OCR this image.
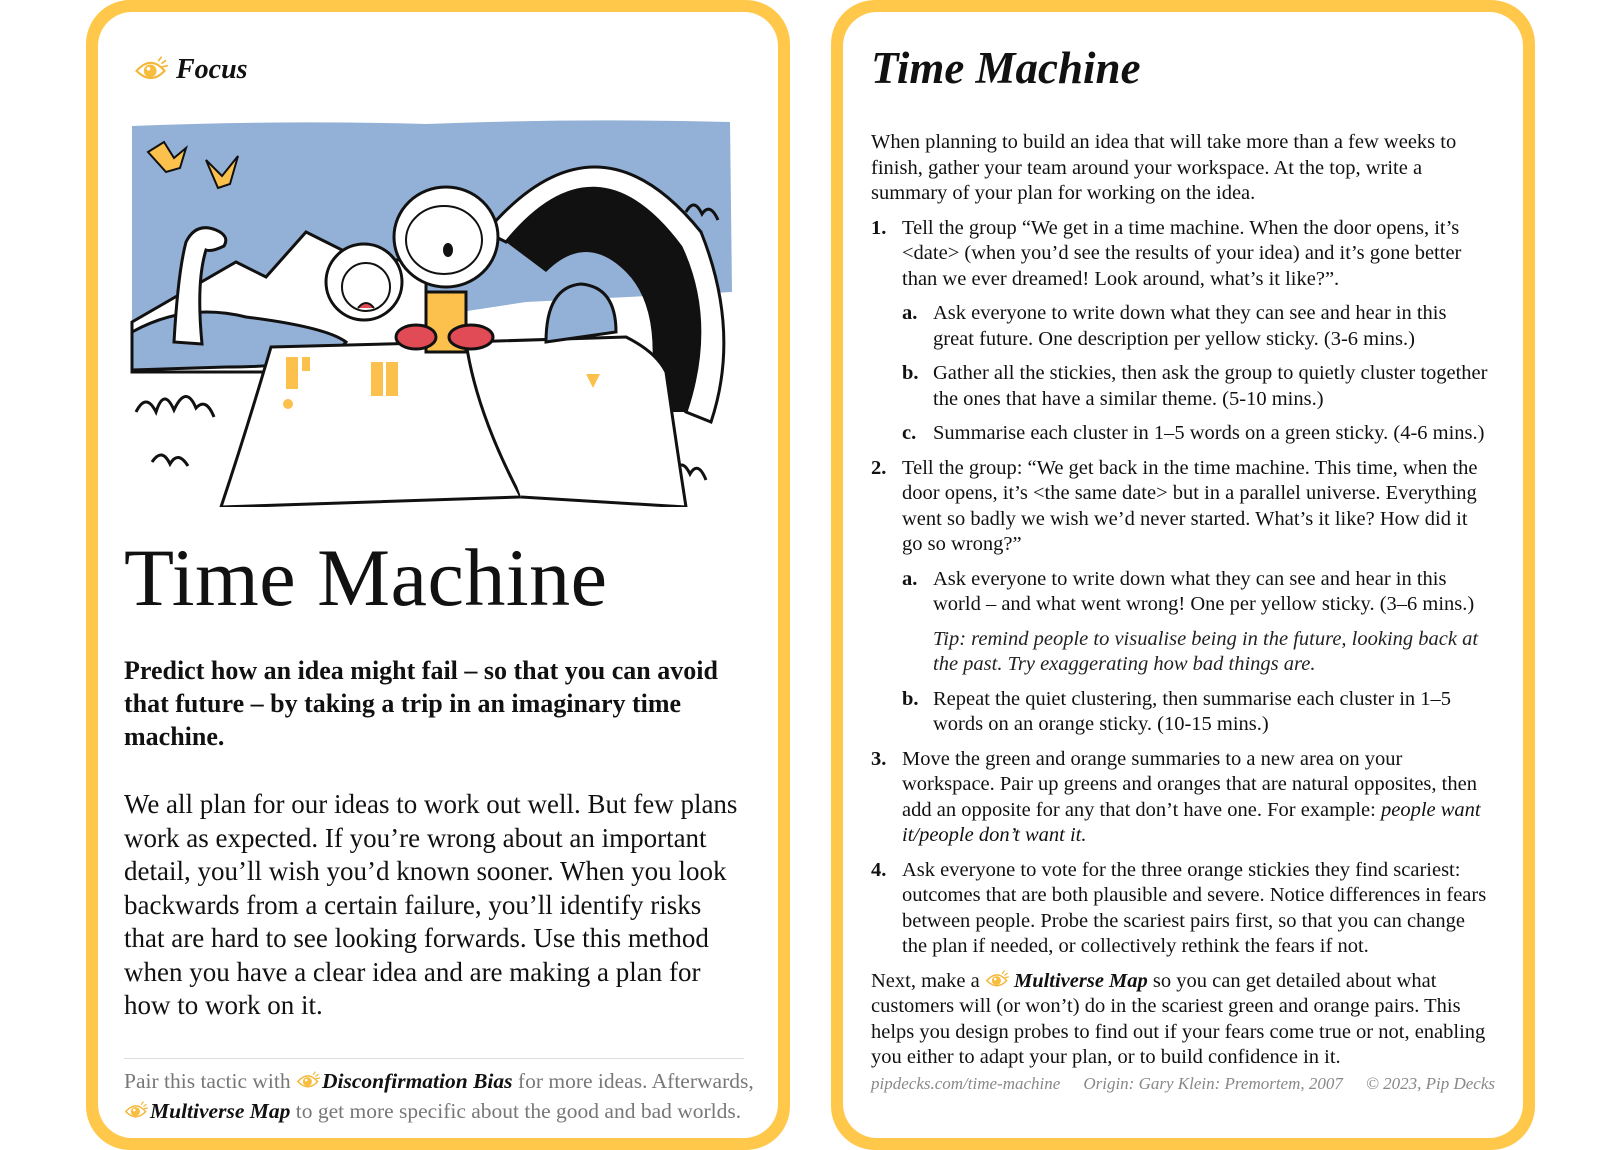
Focus
Time Machine

Predict how an idea might fail – so that you can avoid that future – by taking a trip in an imaginary time machine.

We all plan for our ideas to work out well. But few plans work as expected. If you’re wrong about an important detail, you’ll wish you’d known sooner. When you look backwards from a certain failure, you’ll identify risks that are hard to see looking forwards. Use this method when you have a clear idea and are making a plan for how to work on it.

Pair this tactic with
Disconfirmation Bias for more ideas. Afterwards,
Multiverse Map to get more specific about the good and bad worlds.

Time Machine

When planning to build an idea that will take more than a few weeks to finish, gather your team around your workspace. At the top, write a summary of your plan for working on the idea.

1. Tell the group “We get in a time machine. When the door opens, it’s <date> (when you’d see the results of your idea) and it’s gone better than we ever dreamed! Look around, what’s it like?”.
a. Ask everyone to write down what they can see and hear in this great future. One description per yellow sticky. (3-6 mins.)
b. Gather all the stickies, then ask the group to quietly cluster together the ones that have a similar theme. (5-10 mins.)
c. Summarise each cluster in 1–5 words on a green sticky. (4-6 mins.)
2. Tell the group: “We get back in the time machine. This time, when the door opens, it’s <the same date> but in a parallel universe. Everything went so badly we wish we’d never started. What’s it like? How did it go so wrong?”
a. Ask everyone to write down what they can see and hear in this world – and what went wrong! One per yellow sticky. (3–6 mins.)
Tip: remind people to visualise being in the future, looking back at the past. Try exaggerating how bad things are.
b. Repeat the quiet clustering, then summarise each cluster in 1–5 words on an orange sticky. (10-15 mins.)
3. Move the green and orange summaries to a new area on your workspace. Pair up greens and oranges that are natural opposites, then add an opposite for any that don’t have one. For example: people want it/people don’t want it.
4. Ask everyone to vote for the three orange stickies they find scariest: outcomes that are both plausible and severe. Notice differences in fears between people. Probe the scariest pairs first, so that you can change the plan if needed, or collectively rethink the fears if not.

Next, make a
Multiverse Map so you can get detailed about what customers will (or won’t) do in the scariest green and orange pairs. This helps you design probes to find out if your fears come true or not, enabling you either to adapt your plan, or to build confidence in it.

pipdecks.com/time-machine Origin: Gary Klein: Premortem, 2007 © 2023, Pip Decks
